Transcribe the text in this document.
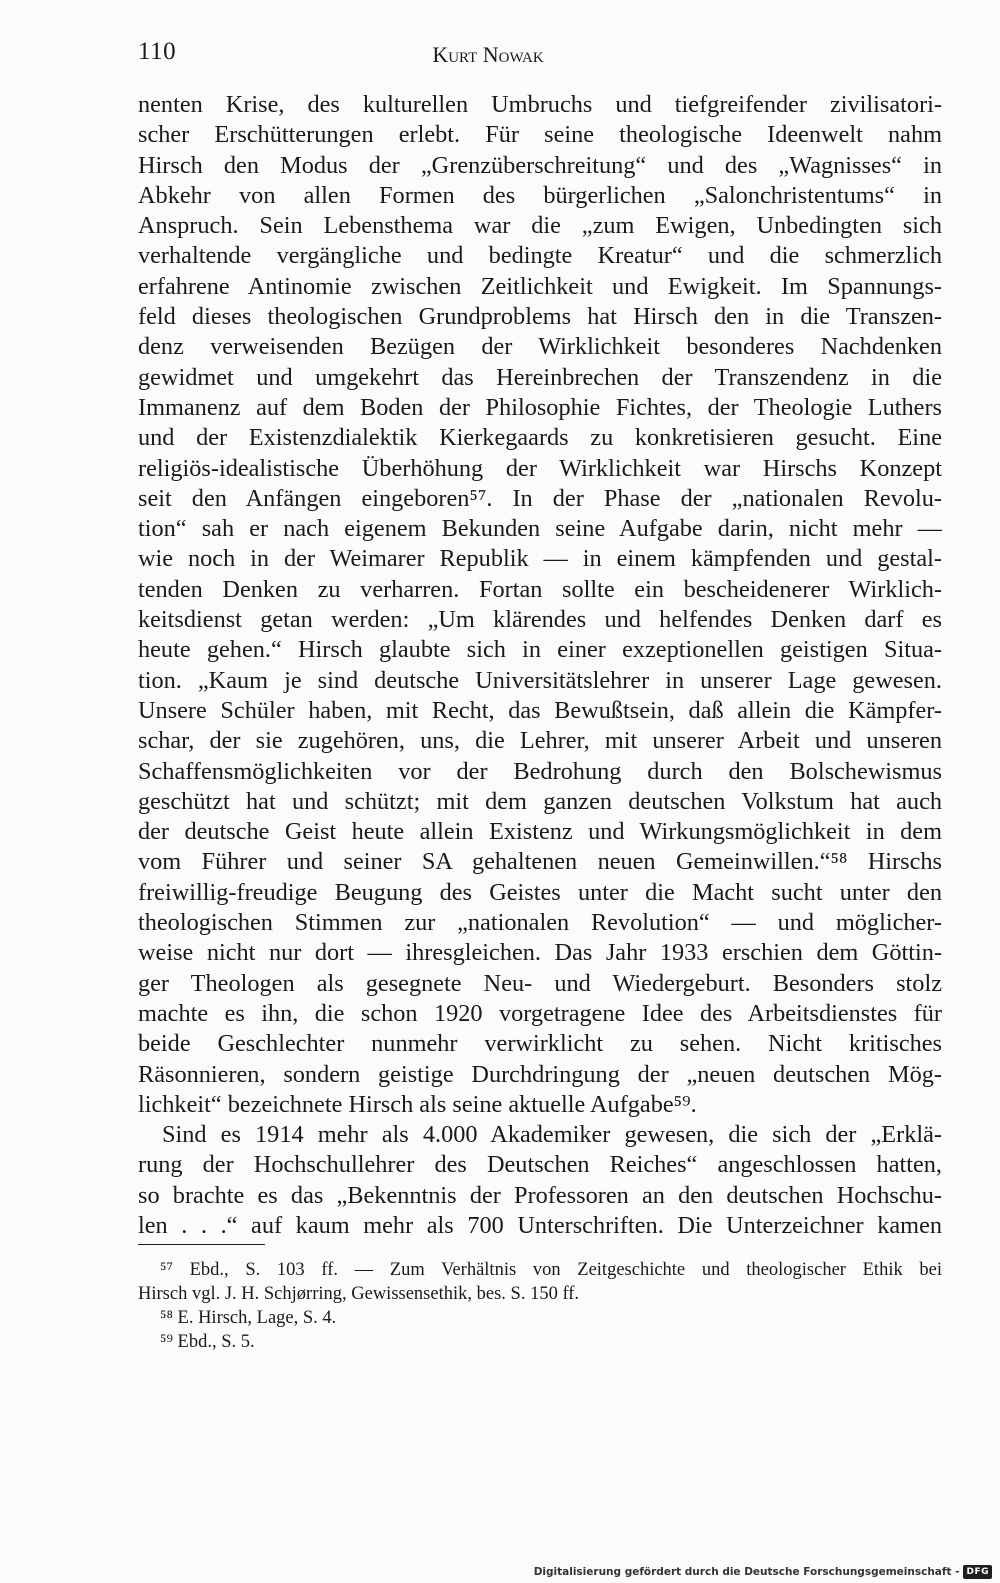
110	Kurt Nowak
nenten Krise, des kulturellen Umbruchs und tiefgreifender zivilisatori-
scher Erschütterungen erlebt. Für seine theologische Ideenwelt nahm
Hirsch den Modus der „Grenzüberschreitung“ und des „Wagnisses“ in
Abkehr von allen Formen des bürgerlichen „Salonchristentums“ in
Anspruch. Sein Lebensthema war die „zum Ewigen, Unbedingten sich
verhaltende vergängliche und bedingte Kreatur“ und die schmerzlich
erfahrene Antinomie zwischen Zeitlichkeit und Ewigkeit. Im Spannungs-
feld dieses theologischen Grundproblems hat Hirsch den in die Transzen-
denz verweisenden Bezügen der Wirklichkeit besonderes Nachdenken
gewidmet und umgekehrt das Hereinbrechen der Transzendenz in die
Immanenz auf dem Boden der Philosophie Fichtes, der Theologie Luthers
und der Existenzdialektik Kierkegaards zu konkretisieren gesucht. Eine
religiös-idealistische Überhöhung der Wirklichkeit war Hirschs Konzept
seit den Anfängen eingeboren⁵⁷. In der Phase der „nationalen Revolu-
tion“ sah er nach eigenem Bekunden seine Aufgabe darin, nicht mehr —
wie noch in der Weimarer Republik — in einem kämpfenden und gestal-
tenden Denken zu verharren. Fortan sollte ein bescheidenerer Wirklich-
keitsdienst getan werden: „Um klärendes und helfendes Denken darf es
heute gehen.“ Hirsch glaubte sich in einer exzeptionellen geistigen Situa-
tion. „Kaum je sind deutsche Universitätslehrer in unserer Lage gewesen.
Unsere Schüler haben, mit Recht, das Bewußtsein, daß allein die Kämpfer-
schar, der sie zugehören, uns, die Lehrer, mit unserer Arbeit und unseren
Schaffensmöglichkeiten vor der Bedrohung durch den Bolschewismus
geschützt hat und schützt; mit dem ganzen deutschen Volkstum hat auch
der deutsche Geist heute allein Existenz und Wirkungsmöglichkeit in dem
vom Führer und seiner SA gehaltenen neuen Gemeinwillen.“⁵⁸ Hirschs
freiwillig-freudige Beugung des Geistes unter die Macht sucht unter den
theologischen Stimmen zur „nationalen Revolution“ — und möglicher-
weise nicht nur dort — ihresgleichen. Das Jahr 1933 erschien dem Göttin-
ger Theologen als gesegnete Neu- und Wiedergeburt. Besonders stolz
machte es ihn, die schon 1920 vorgetragene Idee des Arbeitsdienstes für
beide Geschlechter nunmehr verwirklicht zu sehen. Nicht kritisches
Räsonnieren, sondern geistige Durchdringung der „neuen deutschen Mög-
lichkeit“ bezeichnete Hirsch als seine aktuelle Aufgabe⁵⁹.
Sind es 1914 mehr als 4.000 Akademiker gewesen, die sich der „Erklä-
rung der Hochschullehrer des Deutschen Reiches“ angeschlossen hatten,
so brachte es das „Bekenntnis der Professoren an den deutschen Hochschu-
len . . .“ auf kaum mehr als 700 Unterschriften. Die Unterzeichner kamen
⁵⁷ Ebd., S. 103 ff. — Zum Verhältnis von Zeitgeschichte und theologischer Ethik bei
Hirsch vgl. J. H. Schjørring, Gewissensethik, bes. S. 150 ff.
⁵⁸ E. Hirsch, Lage, S. 4.
⁵⁹ Ebd., S. 5.
Digitalisierung gefördert durch die Deutsche Forschungsgemeinschaft - DFG
